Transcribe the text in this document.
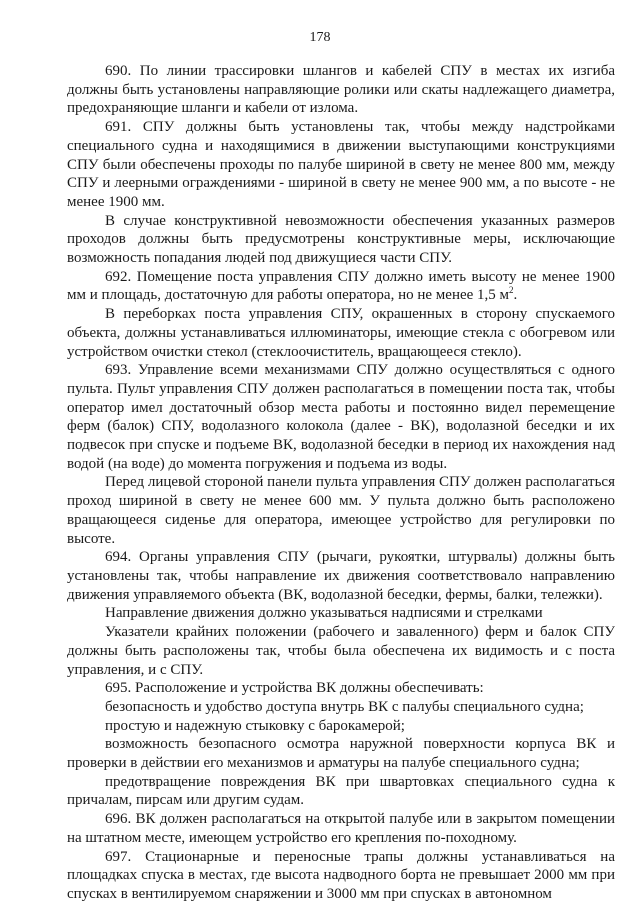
178

690. По линии трассировки шлангов и кабелей СПУ в местах их изгиба должны быть установлены направляющие ролики или скаты надлежащего диаметра, предохраняющие шланги и кабели от излома.

691. СПУ должны быть установлены так, чтобы между надстройками специального судна и находящимися в движении выступающими конструкциями СПУ были обеспечены проходы по палубе шириной в свету не менее 800 мм, между СПУ и леерными ограждениями - шириной в свету не менее 900 мм, а по высоте - не менее 1900 мм.

В случае конструктивной невозможности обеспечения указанных размеров проходов должны быть предусмотрены конструктивные меры, исключающие возможность попадания людей под движущиеся части СПУ.

692. Помещение поста управления СПУ должно иметь высоту не менее 1900 мм и площадь, достаточную для работы оператора, но не менее 1,5 $м^2$.

В переборках поста управления СПУ, окрашенных в сторону спускаемого объекта, должны устанавливаться иллюминаторы, имеющие стекла с обогревом или устройством очистки стекол (стеклоочиститель, вращающееся стекло).

693. Управление всеми механизмами СПУ должно осуществляться с одного пульта. Пульт управления СПУ должен располагаться в помещении поста так, чтобы оператор имел достаточный обзор места работы и постоянно видел перемещение ферм (балок) СПУ, водолазного колокола (далее - ВК), водолазной беседки и их подвесок при спуске и подъеме ВК, водолазной беседки в период их нахождения над водой (на воде) до момента погружения и подъема из воды.

Перед лицевой стороной панели пульта управления СПУ должен располагаться проход шириной в свету не менее 600 мм. У пульта должно быть расположено вращающееся сиденье для оператора, имеющее устройство для регулировки по высоте.

694. Органы управления СПУ (рычаги, рукоятки, штурвалы) должны быть установлены так, чтобы направление их движения соответствовало направлению движения управляемого объекта (ВК, водолазной беседки, фермы, балки, тележки).

Направление движения должно указываться надписями и стрелками

Указатели крайних положении (рабочего и заваленного) ферм и балок СПУ должны быть расположены так, чтобы была обеспечена их видимость и с поста управления, и с СПУ.

695. Расположение и устройства ВК должны обеспечивать:

безопасность и удобство доступа внутрь ВК с палубы специального судна;

простую и надежную стыковку с барокамерой;

возможность безопасного осмотра наружной поверхности корпуса ВК и проверки в действии его механизмов и арматуры на палубе специального судна;

предотвращение повреждения ВК при швартовках специального судна к причалам, пирсам или другим судам.

696. ВК должен располагаться на открытой палубе или в закрытом помещении на штатном месте, имеющем устройство его крепления по-походному.

697. Стационарные и переносные трапы должны устанавливаться на площадках спуска в местах, где высота надводного борта не превышает 2000 мм при спусках в вентилируемом снаряжении и 3000 мм при спусках в автономном
